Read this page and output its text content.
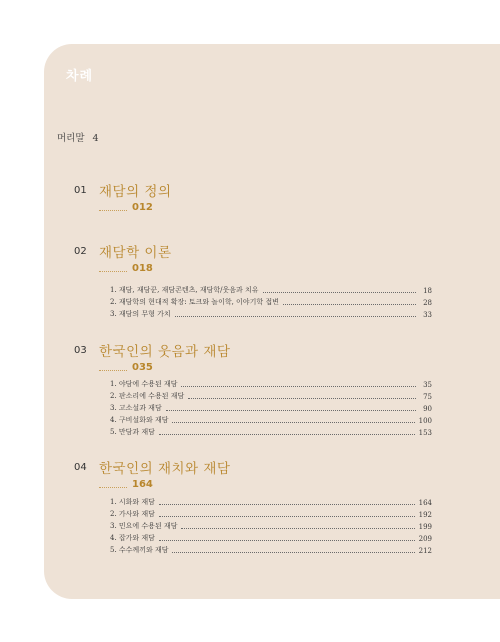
차례
머리말 4
01 재담의 정의
012
02 재담학 이론
018
1. 재담, 재담꾼, 재담콘텐츠, 재담학/웃음과 치유	18
2. 재담학의 현대적 확장: 토크와 놀이학, 이야기학 접변	28
3. 재담의 무형 가치	33
03 한국인의 웃음과 재담
035
1. 야담에 수용된 재담	35
2. 판소리에 수용된 재담	75
3. 고소설과 재담	90
4. 구비설화와 재담	100
5. 만담과 재담	153
04 한국인의 재치와 재담
164
1. 시화와 재담	164
2. 가사와 재담	192
3. 민요에 수용된 재담	199
4. 잡가와 재담	209
5. 수수께끼와 재담	212
